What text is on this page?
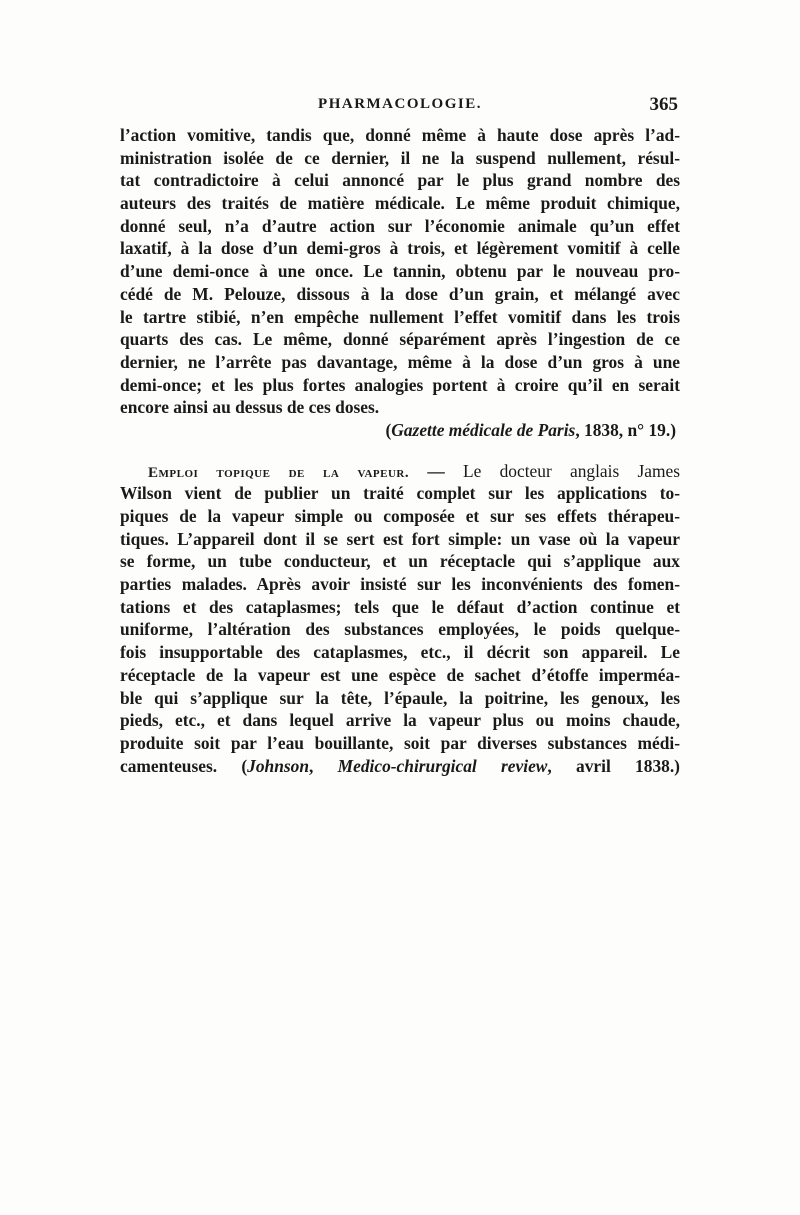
PHARMACOLOGIE.	365
l’action vomitive, tandis que, donné même à haute dose après l’ad-
ministration isolée de ce dernier, il ne la suspend nullement, résul-
tat contradictoire à celui annoncé par le plus grand nombre des
auteurs des traités de matière médicale. Le même produit chimique,
donné seul, n’a d’autre action sur l’économie animale qu’un effet
laxatif, à la dose d’un demi-gros à trois, et légèrement vomitif à celle
d’une demi-once à une once. Le tannin, obtenu par le nouveau pro-
cédé de M. Pelouze, dissous à la dose d’un grain, et mélangé avec
le tartre stibié, n’en empêche nullement l’effet vomitif dans les trois
quarts des cas. Le même, donné séparément après l’ingestion de ce
dernier, ne l’arrête pas davantage, même à la dose d’un gros à une
demi-once; et les plus fortes analogies portent à croire qu’il en serait
encore ainsi au dessus de ces doses.
(Gazette médicale de Paris, 1838, n° 19.)
Emploi topique de la vapeur. — Le docteur anglais James
Wilson vient de publier un traité complet sur les applications to-
piques de la vapeur simple ou composée et sur ses effets thérapeu-
tiques. L’appareil dont il se sert est fort simple: un vase où la vapeur
se forme, un tube conducteur, et un réceptacle qui s’applique aux
parties malades. Après avoir insisté sur les inconvénients des fomen-
tations et des cataplasmes; tels que le défaut d’action continue et
uniforme, l’altération des substances employées, le poids quelque-
fois insupportable des cataplasmes, etc., il décrit son appareil. Le
réceptacle de la vapeur est une espèce de sachet d’étoffe imperméa-
ble qui s’applique sur la tête, l’épaule, la poitrine, les genoux, les
pieds, etc., et dans lequel arrive la vapeur plus ou moins chaude,
produite soit par l’eau bouillante, soit par diverses substances médi-
camenteuses. (Johnson, Medico-chirurgical review, avril 1838.)
